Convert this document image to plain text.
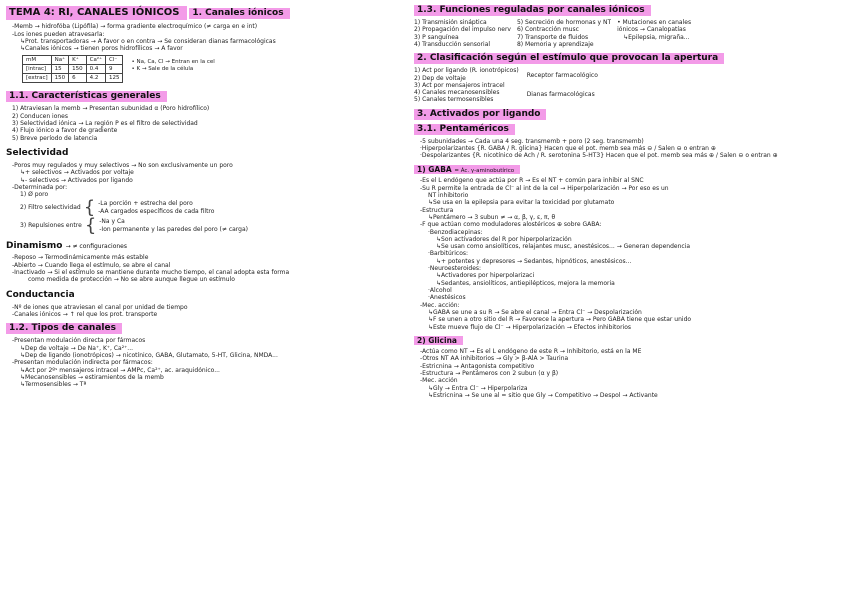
TEMA 4: RI, CANALES IÓNICOS 1. Canales iónicos
-Memb → hidrofóba (Lipófila) → forma gradiente electroquímico (≠ carga en e int)
-Los iones pueden atravesarla:
↳Prot. transportadoras → A favor o en contra → Se consideran dianas farmacológicas
↳Canales iónicos → tienen poros hidrofílicos → A favor
mM	Na⁺	K⁺	Ca²⁺	Cl⁻
[intrac]	15	150	0.4	9
[extrac]	150	6	4.2	125
• Na, Ca, Cl → Entran en la cel
• K → Sale de la célula
1.1. Características generales
1) Atraviesan la memb → Presentan subunidad α (Poro hidrofílico)
2) Conducen iones
3) Selectividad iónica → La región P es el filtro de selectividad
4) Flujo iónico a favor de gradiente
5) Breve período de latencia
Selectividad
-Poros muy regulados y muy selectivos → No son exclusivamente un poro
↳+ selectivos → Activados por voltaje
↳- selectivos → Activados por ligando
-Determinada por:
1) Ø poro
2) Filtro selectividad { -La porción + estrecha del poro
-AA cargados específicos de cada filtro
3) Repulsiones entre { -Na y Ca
-Ion permanente y las paredes del poro (≠ carga)
Dinamismo → ≠ configuraciones
-Reposo → Termodinámicamente más estable
-Abierto → Cuando llega el estímulo, se abre el canal
-Inactivado → Si el estímulo se mantiene durante mucho tiempo, el canal adopta esta forma
como medida de protección → No se abre aunque llegue un estímulo
Conductancia
-Nº de iones que atraviesan el canal por unidad de tiempo
-Canales iónicos → ↑ rel que los prot. transporte
1.2. Tipos de canales
-Presentan modulación directa por fármacos
↳Dep de voltaje → De Na⁺, K⁺, Ca²⁺...
↳Dep de ligando (ionotrópicos) → nicotínico, GABA, Glutamato, 5-HT, Glicina, NMDA...
-Presentan modulación indirecta por fármacos:
↳Act por 2ºˢ mensajeros intracel → AMPc, Ca²⁺, ac. araquidónico...
↳Mecanosensibles → estiramientos de la memb
↳Termosensibles → Tª
1.3. Funciones reguladas por canales iónicos
1) Transmisión sináptica
2) Propagación del impulso nerv
3) P sanguínea
4) Transducción sensorial
5) Secreción de hormonas y NT
6) Contracción musc
7) Transporte de fluidos
8) Memoria y aprendizaje
• Mutaciones en canales
iónicos → Canalopatías
↳Epilepsia, migraña...
2. Clasificación según el estímulo que provocan la apertura
1) Act por ligando (R. ionotrópicos)
2) Dep de voltaje
3) Act por mensajeros intracel
4) Canales mecanosensibles
5) Canales termosensibles
Receptor farmacológico
Dianas farmacológicas
3. Activados por ligando
3.1. Pentaméricos
-5 subunidades → Cada una 4 seg. transmemb + poro (2 seg. transmemb)
·Hiperpolarizantes {R. GABA / R. glicina} Hacen que el pot. memb sea más ⊖ / Salen ⊖ o entran ⊕
·Despolarizantes {R. nicotínico de Ach / R. serotonina 5-HT3} Hacen que el pot. memb sea más ⊕ / Salen ⊖ o entran ⊕
1) GABA = Ác. γ-aminobutírico
-Es el L endógeno que actúa por R → Es el NT + común para inhibir al SNC
-Su R permite la entrada de Cl⁻ al int de la cel → Hiperpolarización → Por eso es un
NT inhibitorio
↳Se usa en la epilepsia para evitar la toxicidad por glutamato
-Estructura
↳Pentámero → 3 subun ≠ → α, β, γ, ε, π, θ
-F que actúan como moduladores alostéricos ⊕ sobre GABA:
·Benzodiacepinas:
↳Son activadores del R por hiperpolarización
↳Se usan como ansiolíticos, relajantes musc, anestésicos... → Generan dependencia
·Barbitúricos:
↳+ potentes y depresores → Sedantes, hipnóticos, anestésicos...
·Neuroesteroides:
↳Activadores por hiperpolarizaci
↳Sedantes, ansiolíticos, antiepilépticos, mejora la memoria
·Alcohol
·Anestésicos
-Mec. acción:
↳GABA se une a su R → Se abre el canal → Entra Cl⁻ → Despolarización
↳F se unen a otro sitio del R → Favorece la apertura → Pero GABA tiene que estar unido
↳Este mueve flujo de Cl⁻ → Hiperpolarización → Efectos inhibitorios
2) Glicina
-Actúa como NT → Es el L endógeno de este R → Inhibitorio, está en la ME
-Otros NT AA inhibitorios → Gly > β-AlA > Taurina
-Estricnina → Antagonista competitivo
-Estructura → Pentámeros con 2 subun (α y β)
-Mec. acción
↳Gly → Entra Cl⁻ → Hiperpolariza
↳Estricnina → Se une al = sitio que Gly → Competitivo → Despol → Activante
